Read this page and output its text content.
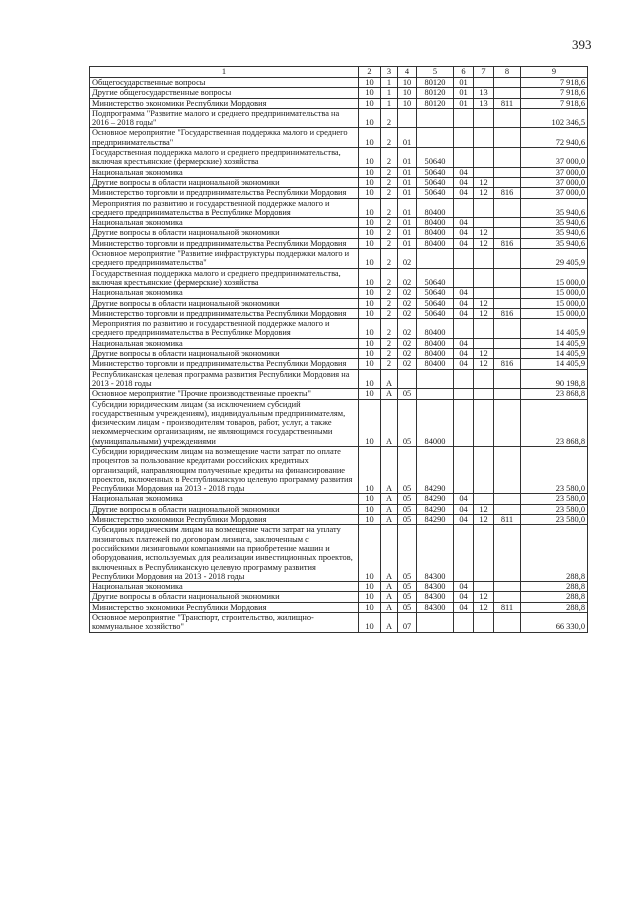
393
1	2	3	4	5	6	7	8	9
Общегосударственные вопросы	10	1	10	80120	01			7 918,6
Другие общегосударственные вопросы	10	1	10	80120	01	13		7 918,6
Министерство экономики Республики Мордовия	10	1	10	80120	01	13	811	7 918,6
Подпрограмма "Развитие малого и среднего предпринимательства на 2016 – 2018 годы"	10	2						102 346,5
Основное мероприятие "Государственная поддержка малого и среднего предпринимательства"	10	2	01					72 940,6
Государственная поддержка малого и среднего предпринимательства, включая крестьянские (фермерские) хозяйства	10	2	01	50640				37 000,0
Национальная экономика	10	2	01	50640	04			37 000,0
Другие вопросы в области национальной экономики	10	2	01	50640	04	12		37 000,0
Министерство торговли и предпринимательства Республики Мордовия	10	2	01	50640	04	12	816	37 000,0
Мероприятия по развитию и государственной поддержке малого и среднего предпринимательства в Республике Мордовия	10	2	01	80400				35 940,6
Национальная экономика	10	2	01	80400	04			35 940,6
Другие вопросы в области национальной экономики	10	2	01	80400	04	12		35 940,6
Министерство торговли и предпринимательства Республики Мордовия	10	2	01	80400	04	12	816	35 940,6
Основное мероприятие "Развитие инфраструктуры поддержки малого и среднего предпринимательства"	10	2	02					29 405,9
Государственная поддержка малого и среднего предпринимательства, включая крестьянские (фермерские) хозяйства	10	2	02	50640				15 000,0
Национальная экономика	10	2	02	50640	04			15 000,0
Другие вопросы в области национальной экономики	10	2	02	50640	04	12		15 000,0
Министерство торговли и предпринимательства Республики Мордовия	10	2	02	50640	04	12	816	15 000,0
Мероприятия по развитию и государственной поддержке малого и среднего предпринимательства в Республике Мордовия	10	2	02	80400				14 405,9
Национальная экономика	10	2	02	80400	04			14 405,9
Другие вопросы в области национальной экономики	10	2	02	80400	04	12		14 405,9
Министерство торговли и предпринимательства Республики Мордовия	10	2	02	80400	04	12	816	14 405,9
Республиканская целевая программа развития Республики Мордовия на 2013 - 2018 годы	10	А						90 198,8
Основное мероприятие "Прочие производственные проекты"	10	А	05					23 868,8
Субсидии юридическим лицам (за исключением субсидий государственным учреждениям), индивидуальным предпринимателям, физическим лицам - производителям товаров, работ, услуг, а также некоммерческим организациям, не являющимся государственными (муниципальными) учреждениями	10	А	05	84000				23 868,8
Субсидии юридическим лицам на возмещение части затрат по оплате процентов за пользование кредитами российских кредитных организаций, направляющим полученные кредиты на финансирование проектов, включенных в Республиканскую целевую программу развития Республики Мордовия на 2013 - 2018 годы	10	А	05	84290				23 580,0
Национальная экономика	10	А	05	84290	04			23 580,0
Другие вопросы в области национальной экономики	10	А	05	84290	04	12		23 580,0
Министерство экономики Республики Мордовия	10	А	05	84290	04	12	811	23 580,0
Субсидии юридическим лицам на возмещение части затрат на уплату лизинговых платежей по договорам лизинга, заключенным с российскими лизинговыми компаниями на приобретение машин и оборудования, используемых для реализации инвестиционных проектов, включенных в Республиканскую целевую программу развития Республики Мордовия на 2013 - 2018 годы	10	А	05	84300				288,8
Национальная экономика	10	А	05	84300	04			288,8
Другие вопросы в области национальной экономики	10	А	05	84300	04	12		288,8
Министерство экономики Республики Мордовия	10	А	05	84300	04	12	811	288,8
Основное мероприятие "Транспорт, строительство, жилищно-коммунальное хозяйство"	10	А	07					66 330,0
